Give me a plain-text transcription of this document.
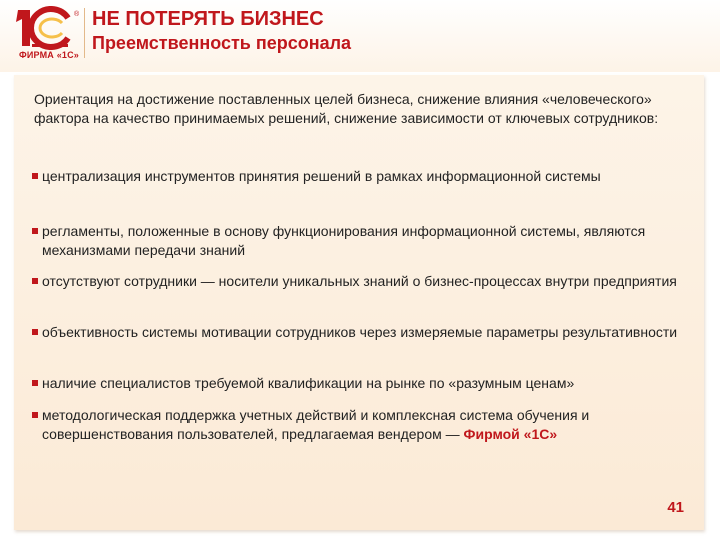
®
ФИРМА «1С»
НЕ ПОТЕРЯТЬ БИЗНЕС
Преемственность персонала

Ориентация на достижение поставленных целей бизнеса, снижение влияния «человеческого» фактора на качество принимаемых решений, снижение зависимости от ключевых сотрудников:

централизация инструментов принятия решений в рамках информационной системы
регламенты, положенные в основу функционирования информационной системы, являются механизмами передачи знаний
отсутствуют сотрудники — носители уникальных знаний о бизнес-процессах внутри предприятия
объективность системы мотивации сотрудников через измеряемые параметры результативности
наличие специалистов требуемой квалификации на рынке по «разумным ценам»
методологическая поддержка учетных действий и комплексная система обучения и совершенствования пользователей, предлагаемая вендером — Фирмой «1С»
41
